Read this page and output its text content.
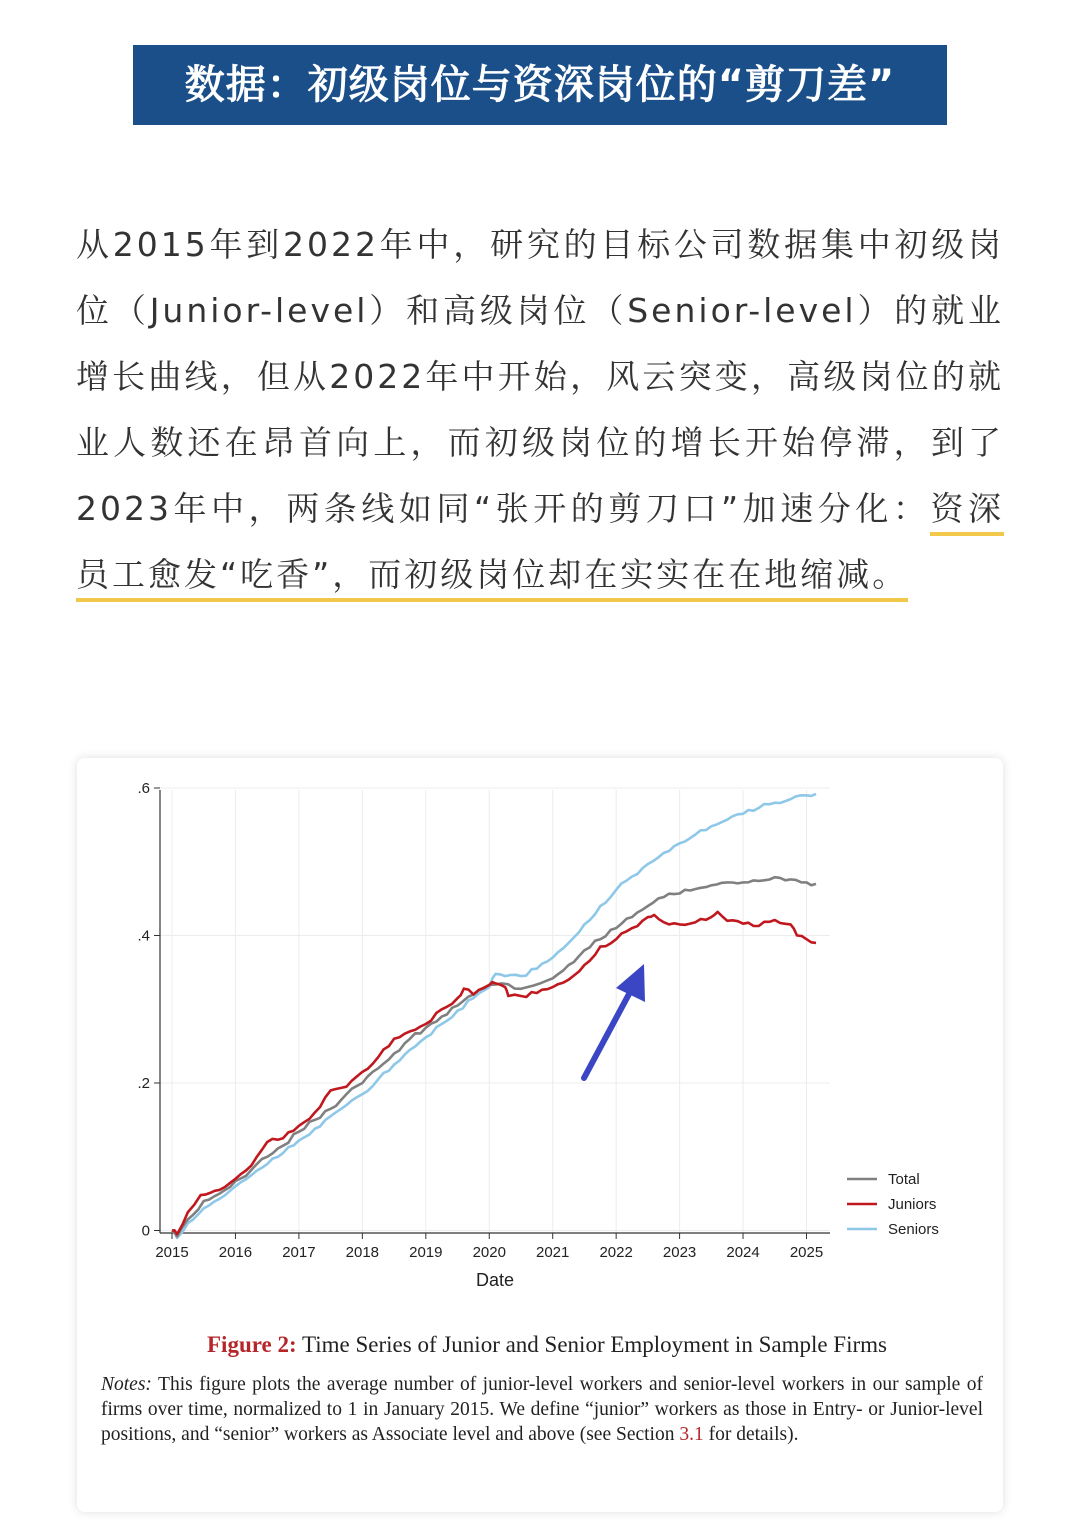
数据：初级岗位与资深岗位的“剪刀差”
从2015年到2022年中，研究的目标公司数据集中初级岗位（Junior-level）和高级岗位（Senior-level）的就业增长曲线，但从2022年中开始，风云突变，高级岗位的就业人数还在昂首向上，而初级岗位的增长开始停滞，到了2023年中，两条线如同“张开的剪刀口”加速分化：资深员工愈发“吃香”，而初级岗位却在实实在在地缩减。
0
.2
.4
.6
2015 2016 2017 2018 2019 2020 2021 2022 2023 2024 2025
Date
Total
Juniors
Seniors
Figure 2: Time Series of Junior and Senior Employment in Sample Firms
Notes: This figure plots the average number of junior-level workers and senior-level workers in our sample of firms over time, normalized to 1 in January 2015. We define “junior” workers as those in Entry- or Junior-level positions, and “senior” workers as Associate level and above (see Section 3.1 for details).
